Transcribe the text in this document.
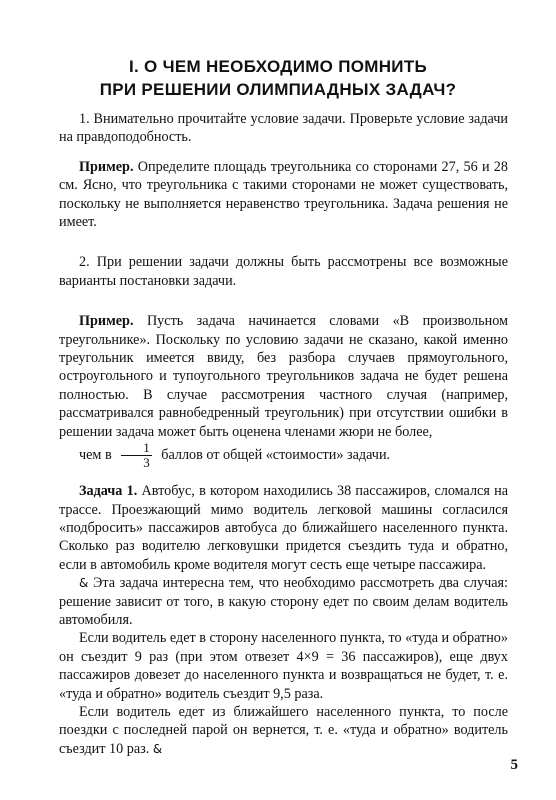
I. О ЧЕМ НЕОБХОДИМО ПОМНИТЬ
ПРИ РЕШЕНИИ ОЛИМПИАДНЫХ ЗАДАЧ?

1. Внимательно прочитайте условие задачи. Проверьте условие задачи на правдоподобность.

Пример. Определите площадь треугольника со сторонами 27, 56 и 28 см. Ясно, что треугольника с такими сторонами не может существовать, поскольку не выполняется неравенство треугольника. Задача решения не имеет.

2. При решении задачи должны быть рассмотрены все возможные варианты постановки задачи.

Пример. Пусть задача начинается словами «В произвольном треугольнике». Поскольку по условию задачи не сказано, какой именно треугольник имеется ввиду, без разбора случаев прямоугольного, остроугольного и тупоугольного треугольников задача не будет решена полностью. В случае рассмотрения частного случая (например, рассматривался равнобедренный треугольник) при отсутствии ошибки в решении задача может быть оценена членами жюри не более,

чем в $\frac{1}{3}$ баллов от общей «стоимости» задачи.

Задача 1. Автобус, в котором находились 38 пассажиров, сломался на трассе. Проезжающий мимо водитель легковой машины согласился «подбросить» пассажиров автобуса до ближайшего населенного пункта. Сколько раз водителю легковушки придется съездить туда и обратно, если в автомобиль кроме водителя могут сесть еще четыре пассажира.

& Эта задача интересна тем, что необходимо рассмотреть два случая: решение зависит от того, в какую сторону едет по своим делам водитель автомобиля.

Если водитель едет в сторону населенного пункта, то «туда и обратно» он съездит 9 раз (при этом отвезет 4×9 = 36 пассажиров), еще двух пассажиров довезет до населенного пункта и возвращаться не будет, т. е. «туда и обратно» водитель съездит 9,5 раза.

Если водитель едет из ближайшего населенного пункта, то после поездки с последней парой он вернется, т. е. «туда и обратно» водитель съездит 10 раз. &

5
